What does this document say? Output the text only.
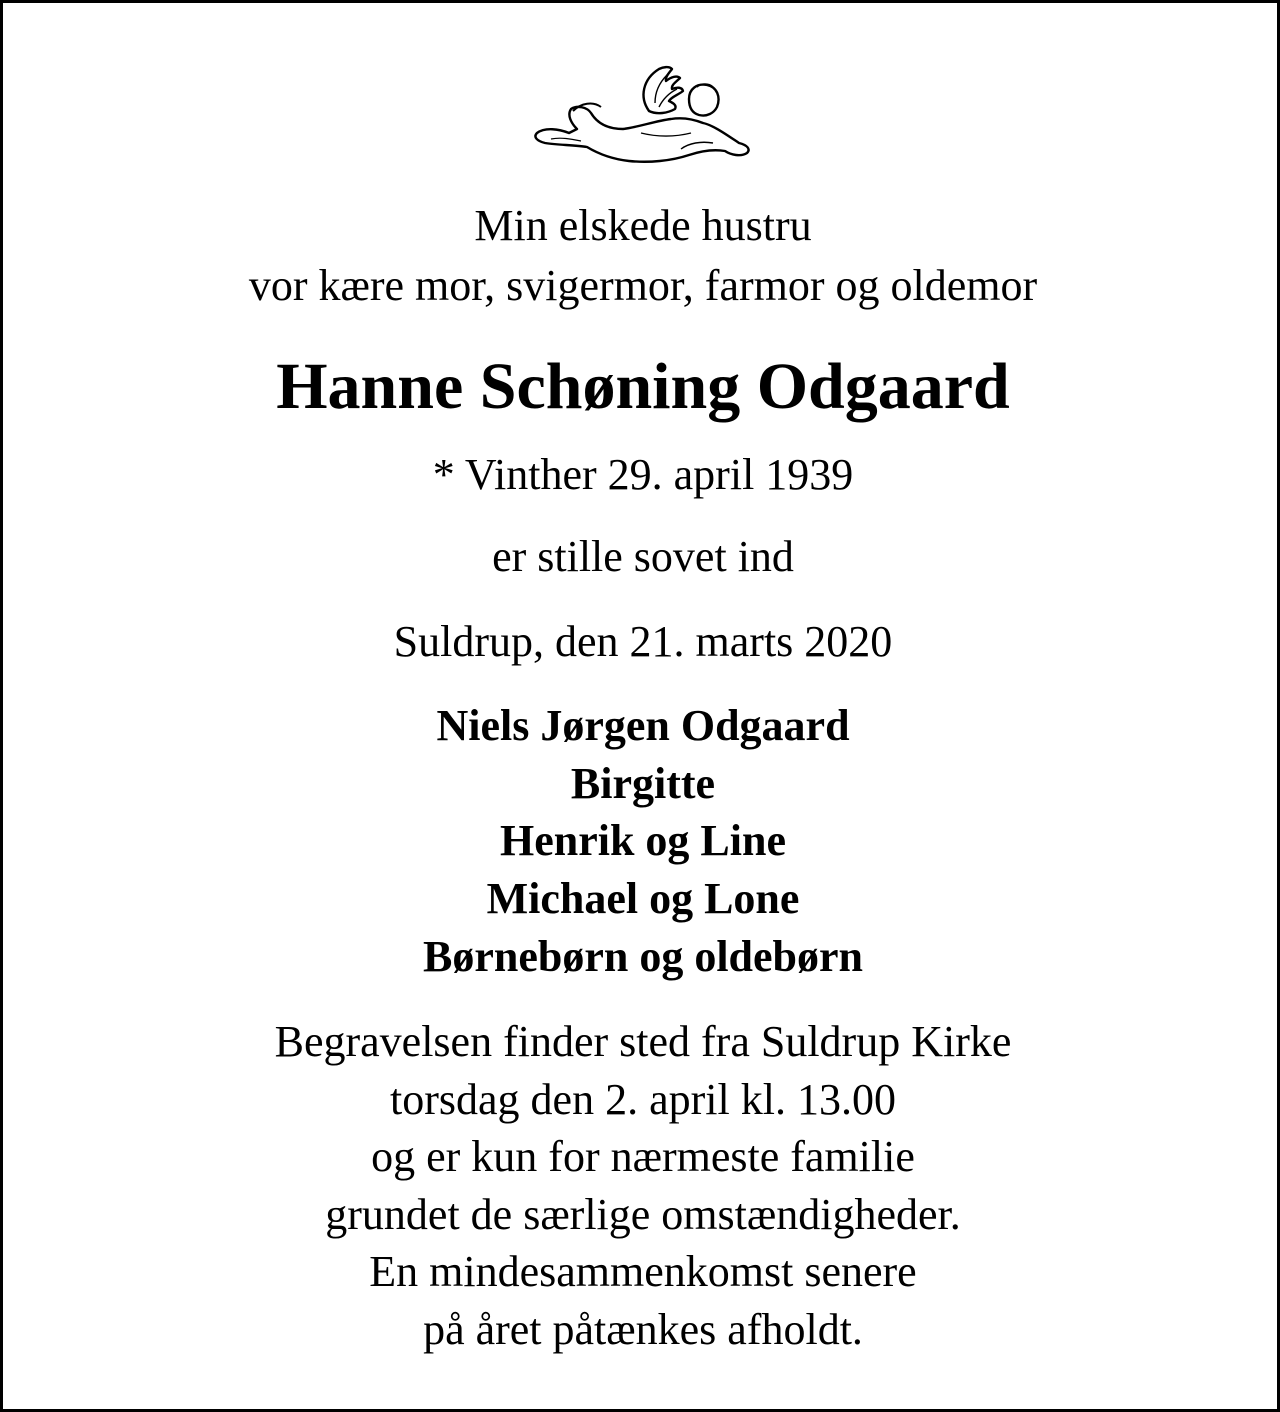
Min elskede hustru

vor kære mor, svigermor, farmor og oldemor

Hanne Schøning Odgaard

* Vinther 29. april 1939

er stille sovet ind

Suldrup, den 21. marts 2020

Niels Jørgen Odgaard

Birgitte

Henrik og Line

Michael og Lone

Børnebørn og oldebørn

Begravelsen finder sted fra Suldrup Kirke

torsdag den 2. april kl. 13.00

og er kun for nærmeste familie

grundet de særlige omstændigheder.

En mindesammenkomst senere

på året påtænkes afholdt.
